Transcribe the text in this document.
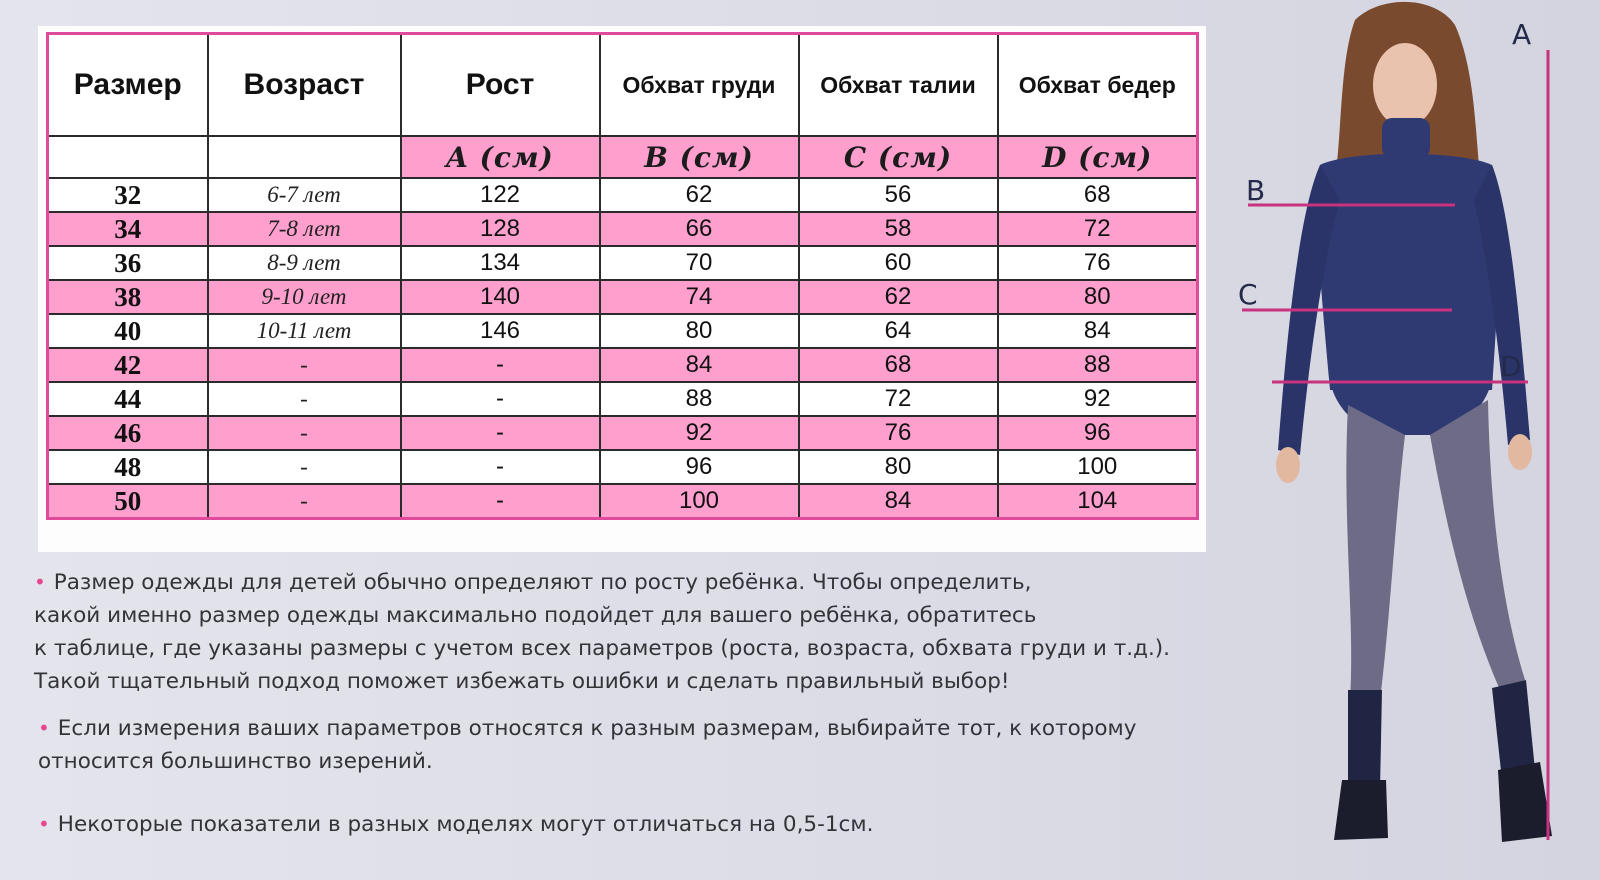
Размер	Возраст	Рост	Обхват груди	Обхват талии	Обхват бедер
		A (см)	B (см)	C (см)	D (см)
32	6-7 лет	122	62	56	68
34	7-8 лет	128	66	58	72
36	8-9 лет	134	70	60	76
38	9-10 лет	140	74	62	80
40	10-11 лет	146	80	64	84
42	-	-	84	68	88
44	-	-	88	72	92
46	-	-	92	76	96
48	-	-	96	80	100
50	-	-	100	84	104
• Размер одежды для детей обычно определяют по росту ребёнка. Чтобы определить,
какой именно размер одежды максимально подойдет для вашего ребёнка, обратитесь
к таблице, где указаны размеры с учетом всех параметров (роста, возраста, обхвата груди и т.д.).
Такой тщательный подход поможет избежать ошибки и сделать правильный выбор!
• Если измерения ваших параметров относятся к разным размерам, выбирайте тот, к которому
относится большинство изерений.
• Некоторые показатели в разных моделях могут отличаться на 0,5-1см.
A
B
C
D
